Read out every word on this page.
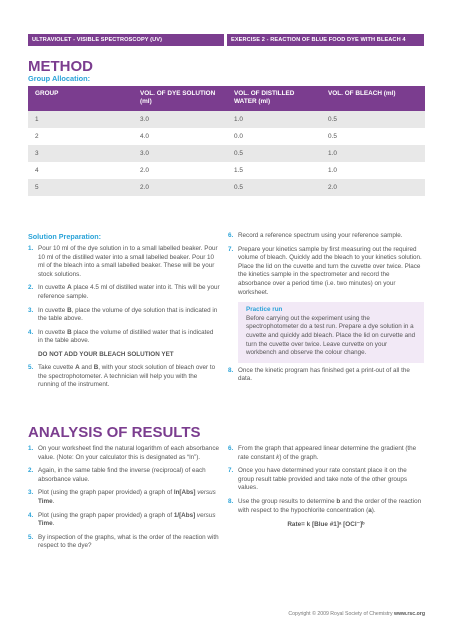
ULTRAVIOLET - VISIBLE SPECTROSCOPY (UV)	EXERCISE 2 - REACTION OF BLUE FOOD DYE WITH BLEACH 4
METHOD
Group Allocation:
GROUP	VOL. OF DYE SOLUTION (ml)	VOL. OF DISTILLED WATER (ml)	VOL. OF BLEACH (ml)
1	3.0	1.0	0.5
2	4.0	0.0	0.5
3	3.0	0.5	1.0
4	2.0	1.5	1.0
5	2.0	0.5	2.0
Solution Preparation:
1. Pour 10 ml of the dye solution in to a small labelled beaker. Pour 10 ml of the distilled water into a small labelled beaker. Pour 10 ml of the bleach into a small labelled beaker. These will be your stock solutions.
2. In cuvette A place 4.5 ml of distilled water into it. This will be your reference sample.
3. In cuvette B, place the volume of dye solution that is indicated in the table above.
4. In cuvette B place the volume of distilled water that is indicated in the table above.
DO NOT ADD YOUR BLEACH SOLUTION YET
5. Take cuvette A and B, with your stock solution of bleach over to the spectrophotometer. A technician will help you with the running of the instrument.
6. Record a reference spectrum using your reference sample.
7. Prepare your kinetics sample by first measuring out the required volume of bleach. Quickly add the bleach to your kinetics solution. Place the lid on the cuvette and turn the cuvette over twice. Place the kinetics sample in the spectrometer and record the absorbance over a period time (i.e. two minutes) on your worksheet.
Practice run
Before carrying out the experiment using the spectrophotometer do a test run. Prepare a dye solution in a cuvette and quickly add bleach. Place the lid on curvette and turn the cuvette over twice. Leave curvette on your workbench and observe the colour change.
8. Once the kinetic program has finished get a print-out of all the data.
ANALYSIS OF RESULTS
1. On your worksheet find the natural logarithm of each absorbance value. (Note: On your calculator this is designated as “ln”).
2. Again, in the same table find the inverse (reciprocal) of each absorbance value.
3. Plot (using the graph paper provided) a graph of ln[Abs] versus Time.
4. Plot (using the graph paper provided) a graph of 1/[Abs] versus Time.
5. By inspection of the graphs, what is the order of the reaction with respect to the dye?
6. From the graph that appeared linear determine the gradient (the rate constant k) of the graph.
7. Once you have determined your rate constant place it on the group result table provided and take note of the other groups values.
8. Use the group results to determine b and the order of the reaction with respect to the hypochlorite concentration (a).
Rate= k [Blue #1]ᵃ [OCl⁻]ᵇ
Copyright © 2009 Royal Society of Chemistry www.rsc.org
